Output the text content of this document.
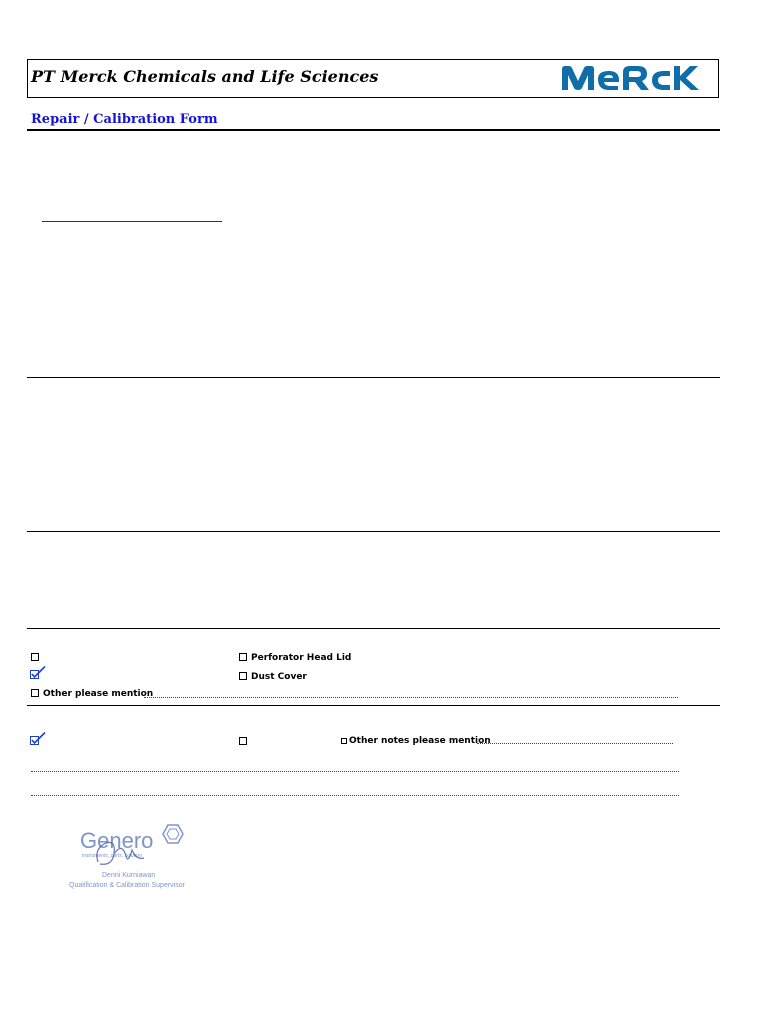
PT Merck Chemicals and Life Sciences
Repair / Calibration Form
Perforator Head Lid
Dust Cover
Other please mention
Other notes please mention
Genero
instruments, parts, solution
Denni Kurniawan
Qualification & Calibration Supervisor
